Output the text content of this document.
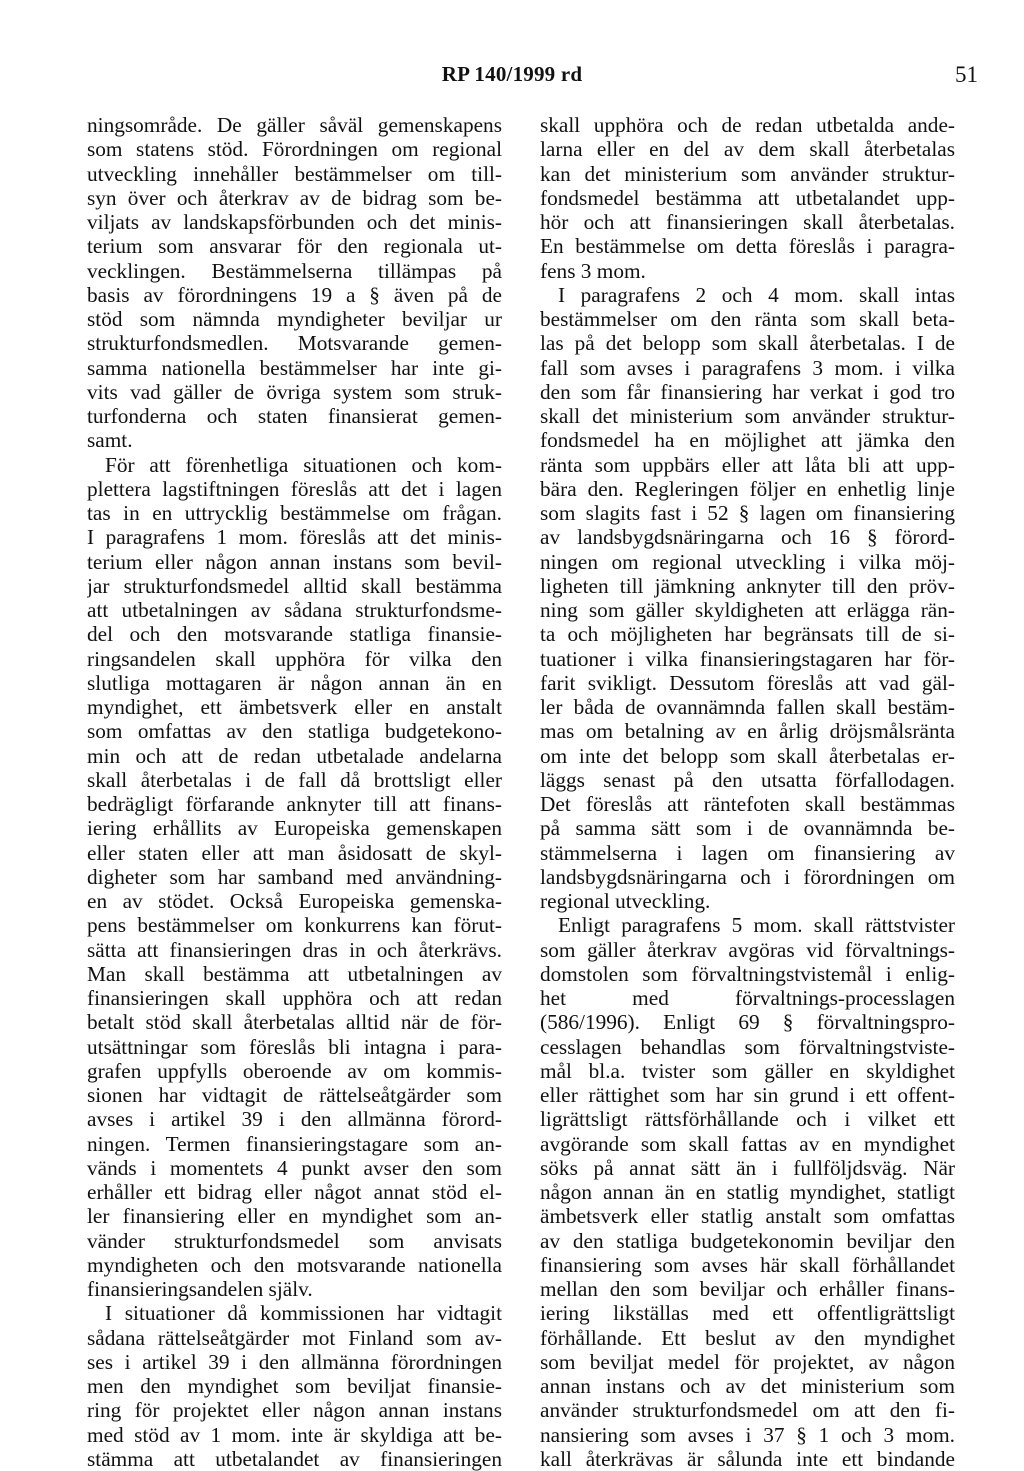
RP 140/1999 rd	51
ningsområde. De gäller såväl gemenskapens
som statens stöd. Förordningen om regional
utveckling innehåller bestämmelser om till-
syn över och återkrav av de bidrag som be-
viljats av landskapsförbunden och det minis-
terium som ansvarar för den regionala ut-
vecklingen. Bestämmelserna tillämpas på
basis av förordningens 19 a § även på de
stöd som nämnda myndigheter beviljar ur
strukturfondsmedlen. Motsvarande gemen-
samma nationella bestämmelser har inte gi-
vits vad gäller de övriga system som struk-
turfonderna och staten finansierat gemen-
samt.
För att förenhetliga situationen och kom-
plettera lagstiftningen föreslås att det i lagen
tas in en uttrycklig bestämmelse om frågan.
I paragrafens 1 mom. föreslås att det minis-
terium eller någon annan instans som bevil-
jar strukturfondsmedel alltid skall bestämma
att utbetalningen av sådana strukturfondsme-
del och den motsvarande statliga finansie-
ringsandelen skall upphöra för vilka den
slutliga mottagaren är någon annan än en
myndighet, ett ämbetsverk eller en anstalt
som omfattas av den statliga budgetekono-
min och att de redan utbetalade andelarna
skall återbetalas i de fall då brottsligt eller
bedrägligt förfarande anknyter till att finans-
iering erhållits av Europeiska gemenskapen
eller staten eller att man åsidosatt de skyl-
digheter som har samband med användning-
en av stödet. Också Europeiska gemenska-
pens bestämmelser om konkurrens kan förut-
sätta att finansieringen dras in och återkrävs.
Man skall bestämma att utbetalningen av
finansieringen skall upphöra och att redan
betalt stöd skall återbetalas alltid när de för-
utsättningar som föreslås bli intagna i para-
grafen uppfylls oberoende av om kommis-
sionen har vidtagit de rättelseåtgärder som
avses i artikel 39 i den allmänna förord-
ningen. Termen finansieringstagare som an-
vänds i momentets 4 punkt avser den som
erhåller ett bidrag eller något annat stöd el-
ler finansiering eller en myndighet som an-
vänder strukturfondsmedel som anvisats
myndigheten och den motsvarande nationella
finansieringsandelen själv.
I situationer då kommissionen har vidtagit
sådana rättelseåtgärder mot Finland som av-
ses i artikel 39 i den allmänna förordningen
men den myndighet som beviljat finansie-
ring för projektet eller någon annan instans
med stöd av 1 mom. inte är skyldiga att be-
stämma att utbetalandet av finansieringen
skall upphöra och de redan utbetalda ande-
larna eller en del av dem skall återbetalas
kan det ministerium som använder struktur-
fondsmedel bestämma att utbetalandet upp-
hör och att finansieringen skall återbetalas.
En bestämmelse om detta föreslås i paragra-
fens 3 mom.
I paragrafens 2 och 4 mom. skall intas
bestämmelser om den ränta som skall beta-
las på det belopp som skall återbetalas. I de
fall som avses i paragrafens 3 mom. i vilka
den som får finansiering har verkat i god tro
skall det ministerium som använder struktur-
fondsmedel ha en möjlighet att jämka den
ränta som uppbärs eller att låta bli att upp-
bära den. Regleringen följer en enhetlig linje
som slagits fast i 52 § lagen om finansiering
av landsbygdsnäringarna och 16 § förord-
ningen om regional utveckling i vilka möj-
ligheten till jämkning anknyter till den pröv-
ning som gäller skyldigheten att erlägga rän-
ta och möjligheten har begränsats till de si-
tuationer i vilka finansieringstagaren har för-
farit svikligt. Dessutom föreslås att vad gäl-
ler båda de ovannämnda fallen skall bestäm-
mas om betalning av en årlig dröjsmålsränta
om inte det belopp som skall återbetalas er-
läggs senast på den utsatta förfallodagen.
Det föreslås att räntefoten skall bestämmas
på samma sätt som i de ovannämnda be-
stämmelserna i lagen om finansiering av
landsbygdsnäringarna och i förordningen om
regional utveckling.
Enligt paragrafens 5 mom. skall rättstvister
som gäller återkrav avgöras vid förvaltnings-
domstolen som förvaltningstvistemål i enlig-
het med förvaltnings-processlagen
(586/1996). Enligt 69 § förvaltningspro-
cesslagen behandlas som förvaltningstviste-
mål bl.a. tvister som gäller en skyldighet
eller rättighet som har sin grund i ett offent-
ligrättsligt rättsförhållande och i vilket ett
avgörande som skall fattas av en myndighet
söks på annat sätt än i fullföljdsväg. När
någon annan än en statlig myndighet, statligt
ämbetsverk eller statlig anstalt som omfattas
av den statliga budgetekonomin beviljar den
finansiering som avses här skall förhållandet
mellan den som beviljar och erhåller finans-
iering likställas med ett offentligrättsligt
förhållande. Ett beslut av den myndighet
som beviljat medel för projektet, av någon
annan instans och av det ministerium som
använder strukturfondsmedel om att den fi-
nansiering som avses i 37 § 1 och 3 mom.
kall återkrävas är sålunda inte ett bindande
